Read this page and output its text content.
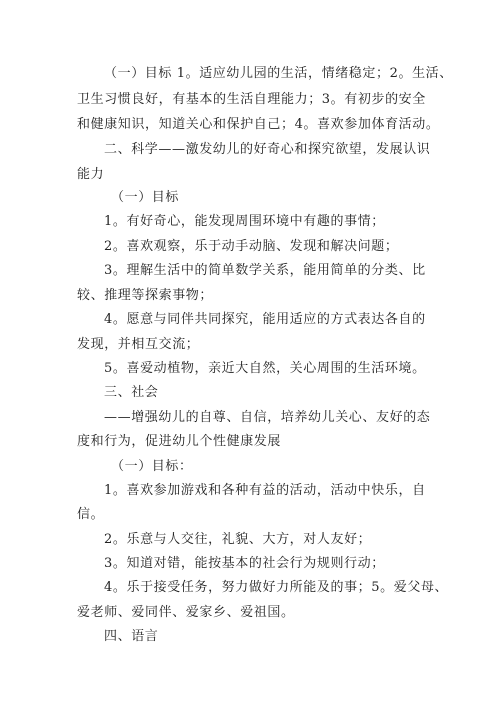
（一）目标 1。适应幼儿园的生活，情绪稳定；2。生活、
卫生习惯良好，有基本的生活自理能力；3。有初步的安全
和健康知识，知道关心和保护自己；4。喜欢参加体育活动。
二、科学——激发幼儿的好奇心和探究欲望，发展认识
能力
（一）目标
1。有好奇心，能发现周围环境中有趣的事情；
2。喜欢观察，乐于动手动脑、发现和解决问题；
3。理解生活中的简单数学关系，能用简单的分类、比
较、推理等探索事物；
4。愿意与同伴共同探究，能用适应的方式表达各自的
发现，并相互交流；
5。喜爱动植物，亲近大自然，关心周围的生活环境。
三、社会
——增强幼儿的自尊、自信，培养幼儿关心、友好的态
度和行为，促进幼儿个性健康发展
（一）目标：
1。喜欢参加游戏和各种有益的活动，活动中快乐，自
信。
2。乐意与人交往，礼貌、大方，对人友好；
3。知道对错，能按基本的社会行为规则行动；
4。乐于接受任务，努力做好力所能及的事；5。爱父母、
爱老师、爱同伴、爱家乡、爱祖国。
四、语言
